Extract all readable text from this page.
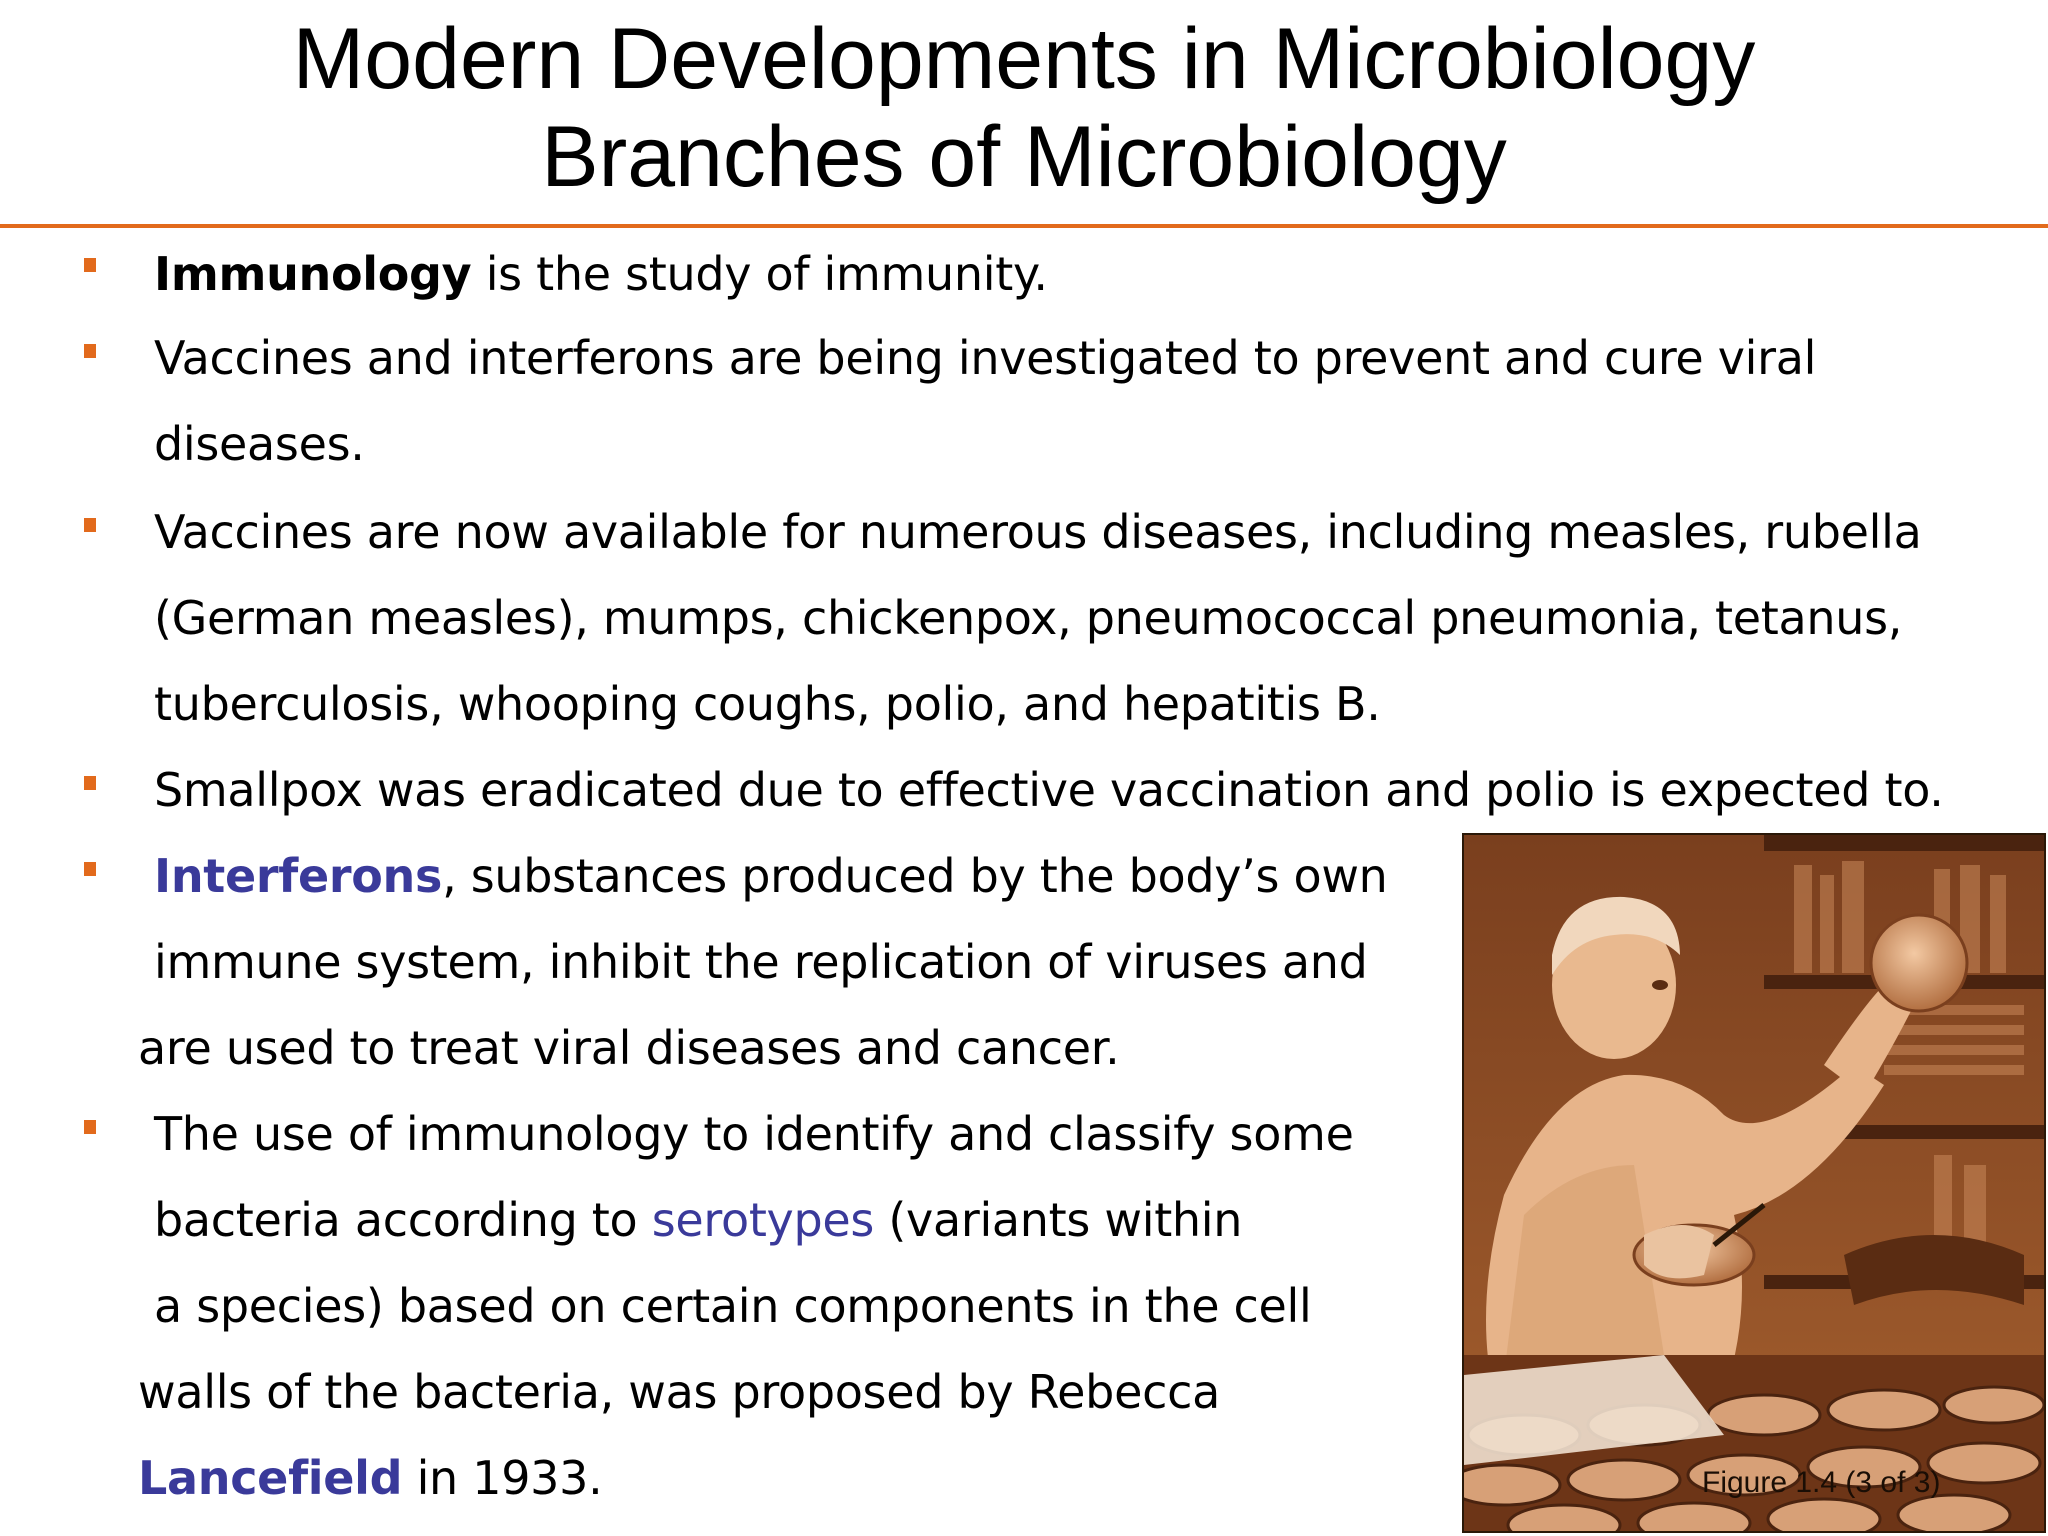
Modern Developments in Microbiology
Branches of Microbiology
Immunology is the study of immunity.
Vaccines and interferons are being investigated to prevent and cure viral
diseases.
Vaccines are now available for numerous diseases, including measles, rubella
(German measles), mumps, chickenpox, pneumococcal pneumonia, tetanus,
tuberculosis, whooping coughs, polio, and hepatitis B.
Smallpox was eradicated due to effective vaccination and polio is expected to.
Interferons, substances produced by the body’s own
immune system, inhibit the replication of viruses and
are used to treat viral diseases and cancer.
The use of immunology to identify and classify some
bacteria according to serotypes (variants within
a species) based on certain components in the cell
walls of the bacteria, was proposed by Rebecca
Lancefield in 1933.	Figure 1.4 (3 of 3)
